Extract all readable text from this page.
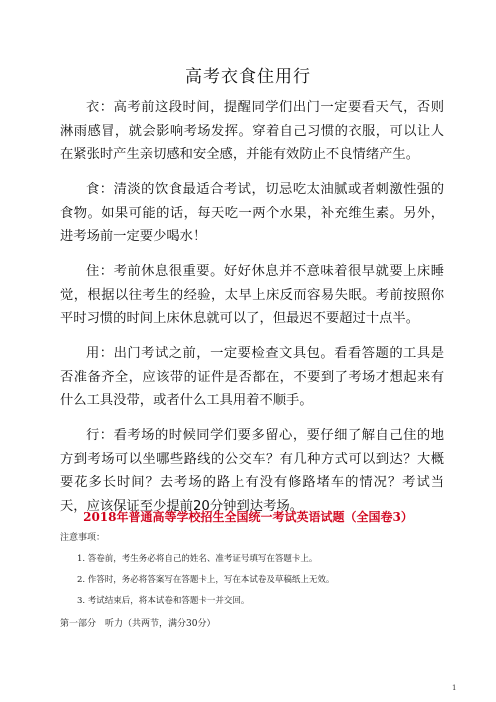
高考衣食住用行

衣：高考前这段时间，提醒同学们出门一定要看天气，否则淋雨感冒，就会影响考场发挥。穿着自己习惯的衣服，可以让人在紧张时产生亲切感和安全感，并能有效防止不良情绪产生。

食：清淡的饮食最适合考试，切忌吃太油腻或者刺激性强的食物。如果可能的话，每天吃一两个水果，补充维生素。另外，进考场前一定要少喝水！

住：考前休息很重要。好好休息并不意味着很早就要上床睡觉，根据以往考生的经验，太早上床反而容易失眠。考前按照你平时习惯的时间上床休息就可以了，但最迟不要超过十点半。

用：出门考试之前，一定要检查文具包。看看答题的工具是否准备齐全，应该带的证件是否都在，不要到了考场才想起来有什么工具没带，或者什么工具用着不顺手。

行：看考场的时候同学们要多留心，要仔细了解自己住的地方到考场可以坐哪些路线的公交车？有几种方式可以到达？大概要花多长时间？去考场的路上有没有修路堵车的情况？考试当天，应该保证至少提前20分钟到达考场。

2018年普通高等学校招生全国统一考试英语试题（全国卷3）
注意事项：
1. 答卷前，考生务必将自己的姓名、准考证号填写在答题卡上。
2. 作答时，务必将答案写在答题卡上，写在本试卷及草稿纸上无效。
3. 考试结束后，将本试卷和答题卡一并交回。
第一部分　听力（共两节，满分30分）
1
